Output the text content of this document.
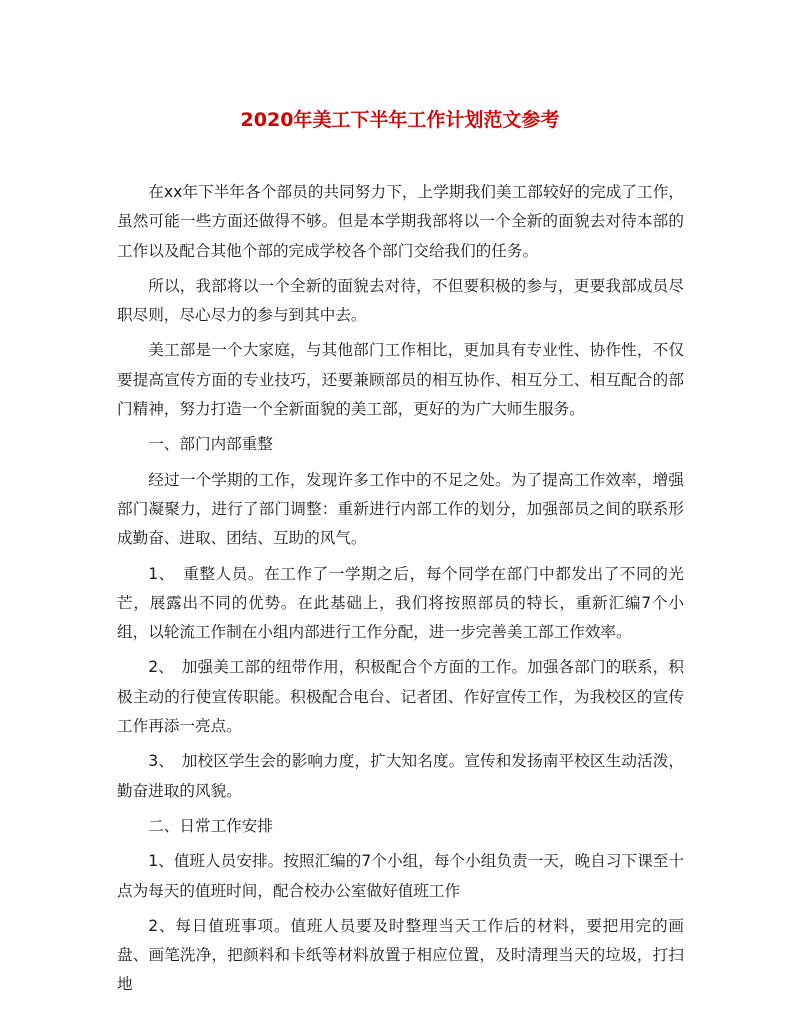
2020年美工下半年工作计划范文参考

在xx年下半年各个部员的共同努力下，上学期我们美工部较好的完成了工作，虽然可能一些方面还做得不够。但是本学期我部将以一个全新的面貌去对待本部的工作以及配合其他个部的完成学校各个部门交给我们的任务。

所以，我部将以一个全新的面貌去对待，不但要积极的参与，更要我部成员尽职尽则，尽心尽力的参与到其中去。

美工部是一个大家庭，与其他部门工作相比，更加具有专业性、协作性，不仅要提高宣传方面的专业技巧，还要兼顾部员的相互协作、相互分工、相互配合的部门精神，努力打造一个全新面貌的美工部，更好的为广大师生服务。

一、部门内部重整

经过一个学期的工作，发现许多工作中的不足之处。为了提高工作效率，增强部门凝聚力，进行了部门调整：重新进行内部工作的划分，加强部员之间的联系形成勤奋、进取、团结、互助的风气。

1、　重整人员。在工作了一学期之后，每个同学在部门中都发出了不同的光芒，展露出不同的优势。在此基础上，我们将按照部员的特长，重新汇编7个小组，以轮流工作制在小组内部进行工作分配，进一步完善美工部工作效率。

2、　加强美工部的纽带作用，积极配合个方面的工作。加强各部门的联系，积极主动的行使宣传职能。积极配合电台、记者团、作好宣传工作，为我校区的宣传工作再添一亮点。

3、　加校区学生会的影响力度，扩大知名度。宣传和发扬南平校区生动活泼，勤奋进取的风貌。

二、日常工作安排

1、值班人员安排。按照汇编的7个小组，每个小组负责一天，晚自习下课至十点为每天的值班时间，配合校办公室做好值班工作

2、每日值班事项。值班人员要及时整理当天工作后的材料，要把用完的画盘、画笔洗净，把颜料和卡纸等材料放置于相应位置，及时清理当天的垃圾，打扫地
